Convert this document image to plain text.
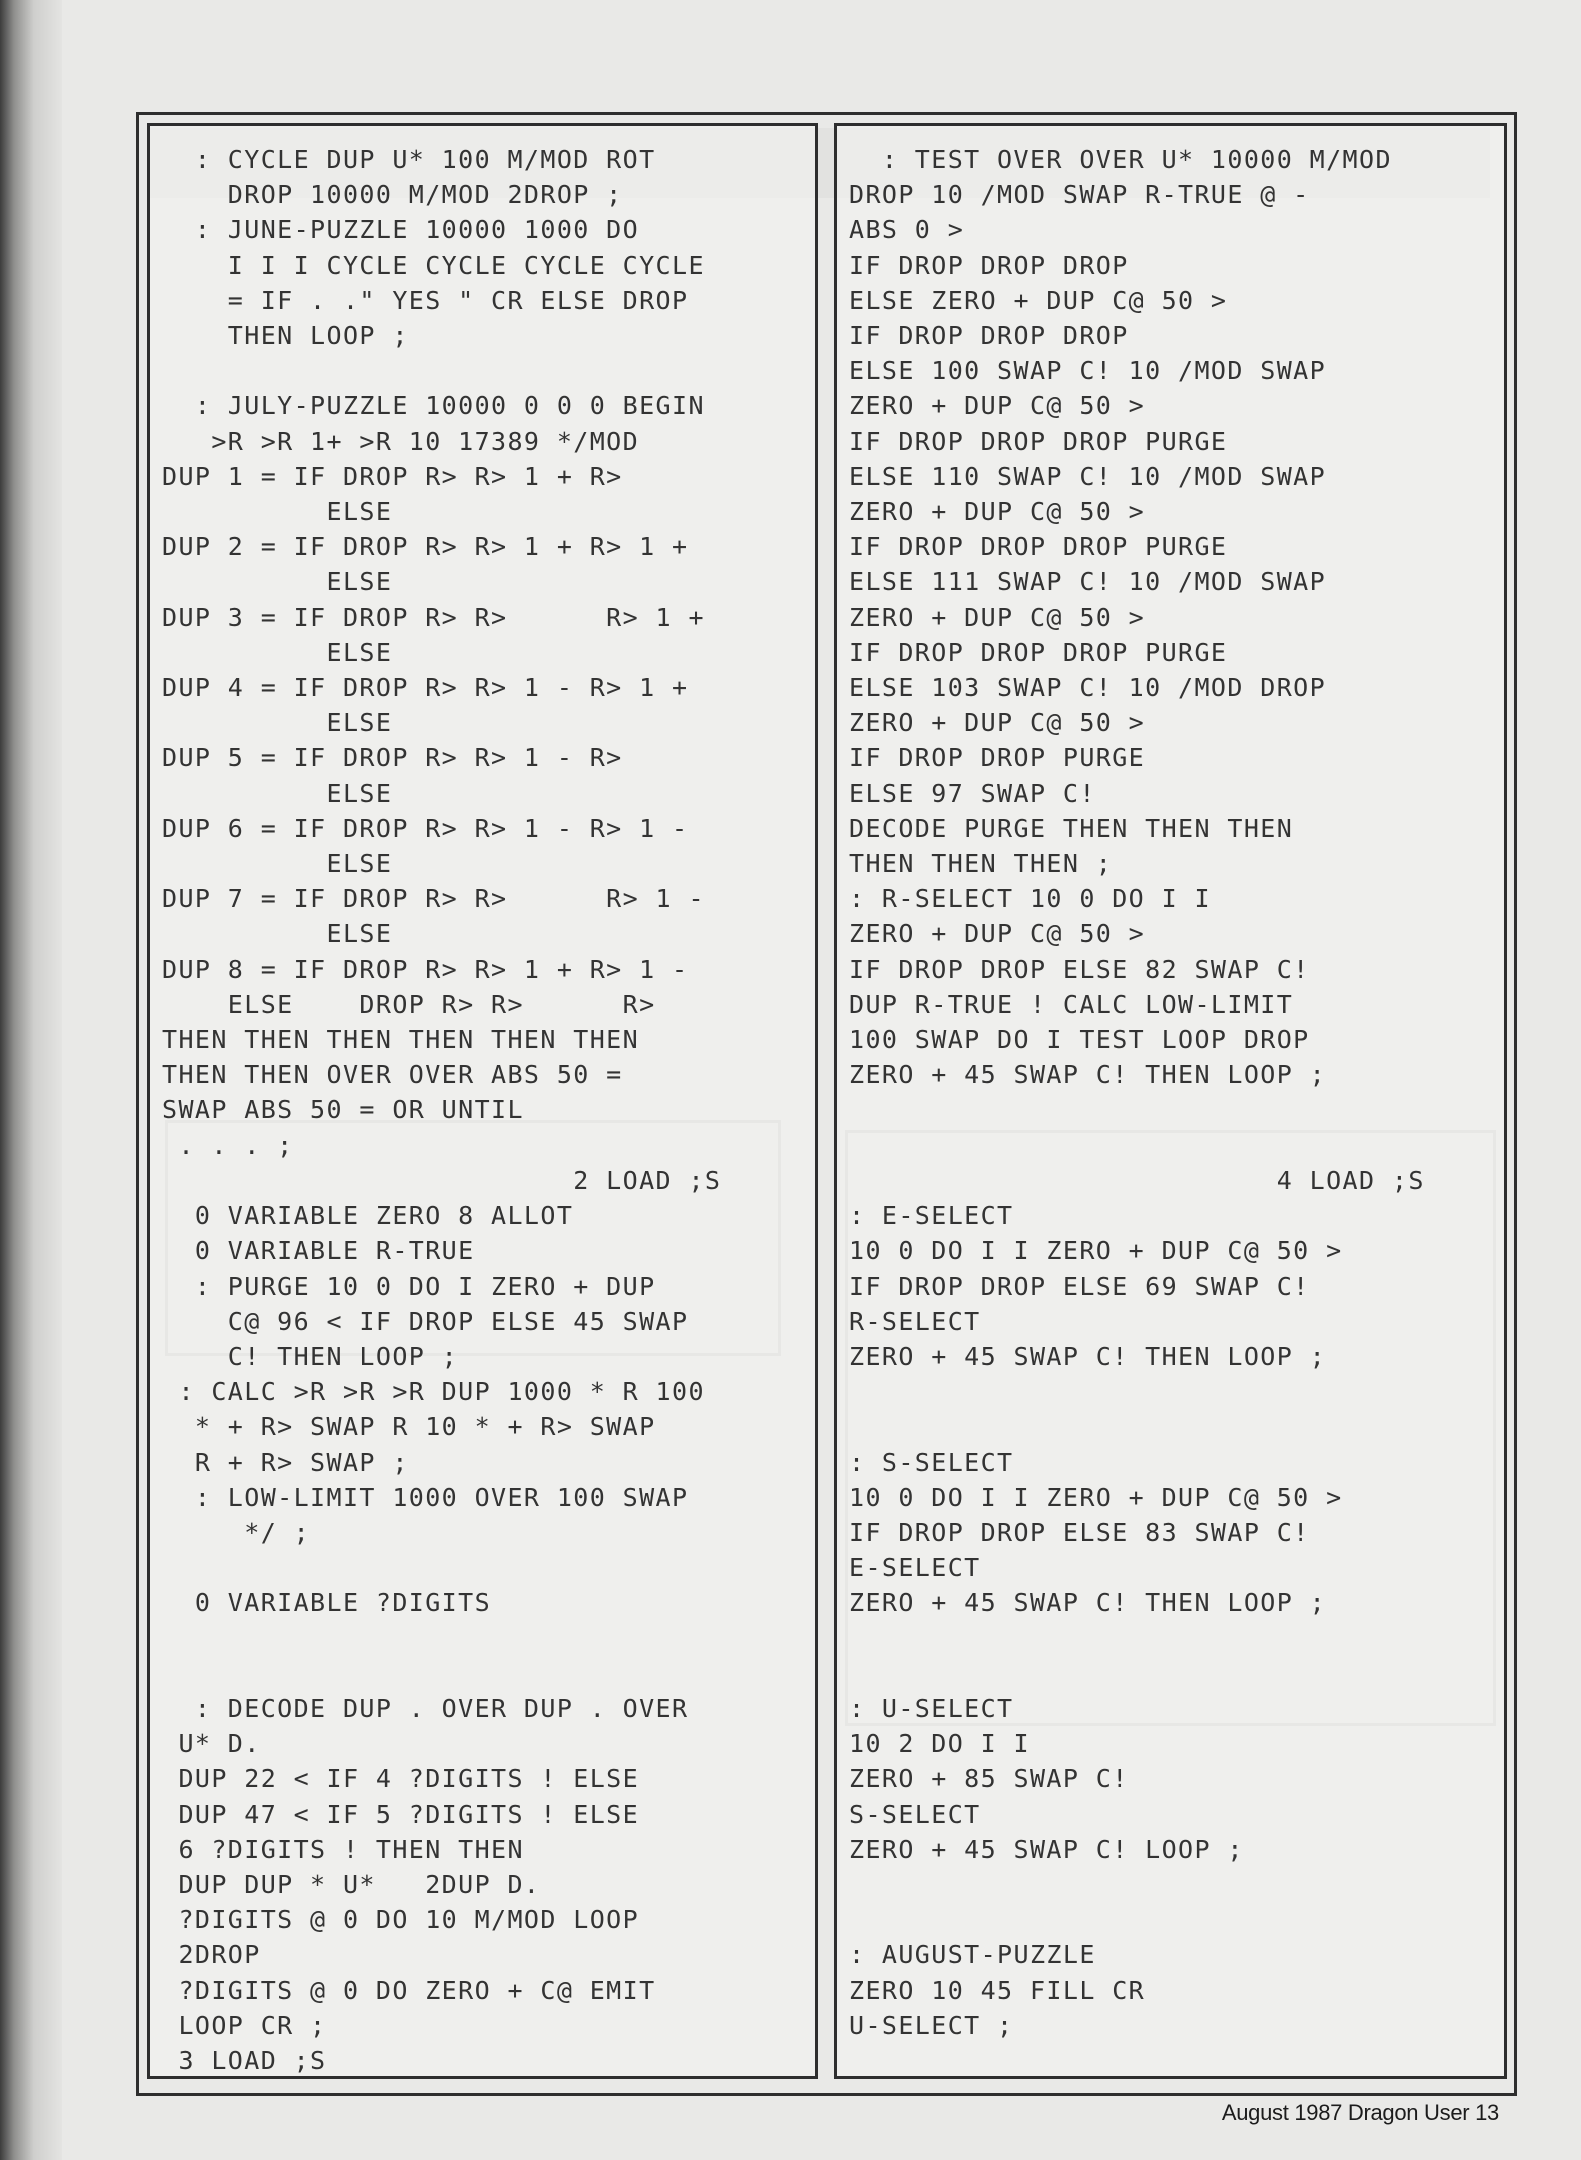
: CYCLE DUP U* 100 M/MOD ROT
DROP 10000 M/MOD 2DROP ;
: JUNE-PUZZLE 10000 1000 DO
I I I CYCLE CYCLE CYCLE CYCLE
= IF . ." YES " CR ELSE DROP
THEN LOOP ;

: JULY-PUZZLE 10000 0 0 0 BEGIN
>R >R 1+ >R 10 17389 */MOD
DUP 1 = IF DROP R> R> 1 + R>
ELSE
DUP 2 = IF DROP R> R> 1 + R> 1 +
ELSE
DUP 3 = IF DROP R> R>      R> 1 +
ELSE
DUP 4 = IF DROP R> R> 1 - R> 1 +
ELSE
DUP 5 = IF DROP R> R> 1 - R>
ELSE
DUP 6 = IF DROP R> R> 1 - R> 1 -
ELSE
DUP 7 = IF DROP R> R>      R> 1 -
ELSE
DUP 8 = IF DROP R> R> 1 + R> 1 -
ELSE    DROP R> R>      R>
THEN THEN THEN THEN THEN THEN
THEN THEN OVER OVER ABS 50 =
SWAP ABS 50 = OR UNTIL
. . . ;
2 LOAD ;S
0 VARIABLE ZERO 8 ALLOT
0 VARIABLE R-TRUE
: PURGE 10 0 DO I ZERO + DUP
C@ 96 < IF DROP ELSE 45 SWAP
C! THEN LOOP ;
: CALC >R >R >R DUP 1000 * R 100
* + R> SWAP R 10 * + R> SWAP
R + R> SWAP ;
: LOW-LIMIT 1000 OVER 100 SWAP
*/ ;

0 VARIABLE ?DIGITS

: DECODE DUP . OVER DUP . OVER
U* D.
DUP 22 < IF 4 ?DIGITS ! ELSE
DUP 47 < IF 5 ?DIGITS ! ELSE
6 ?DIGITS ! THEN THEN
DUP DUP * U*   2DUP D.
?DIGITS @ 0 DO 10 M/MOD LOOP
2DROP
?DIGITS @ 0 DO ZERO + C@ EMIT
LOOP CR ;
3 LOAD ;S
: TEST OVER OVER U* 10000 M/MOD
DROP 10 /MOD SWAP R-TRUE @ -
ABS 0 >
IF DROP DROP DROP
ELSE ZERO + DUP C@ 50 >
IF DROP DROP DROP
ELSE 100 SWAP C! 10 /MOD SWAP
ZERO + DUP C@ 50 >
IF DROP DROP DROP PURGE
ELSE 110 SWAP C! 10 /MOD SWAP
ZERO + DUP C@ 50 >
IF DROP DROP DROP PURGE
ELSE 111 SWAP C! 10 /MOD SWAP
ZERO + DUP C@ 50 >
IF DROP DROP DROP PURGE
ELSE 103 SWAP C! 10 /MOD DROP
ZERO + DUP C@ 50 >
IF DROP DROP PURGE
ELSE 97 SWAP C!
DECODE PURGE THEN THEN THEN
THEN THEN THEN ;
: R-SELECT 10 0 DO I I
ZERO + DUP C@ 50 >
IF DROP DROP ELSE 82 SWAP C!
DUP R-TRUE ! CALC LOW-LIMIT
100 SWAP DO I TEST LOOP DROP
ZERO + 45 SWAP C! THEN LOOP ;

4 LOAD ;S
: E-SELECT
10 0 DO I I ZERO + DUP C@ 50 >
IF DROP DROP ELSE 69 SWAP C!
R-SELECT
ZERO + 45 SWAP C! THEN LOOP ;

: S-SELECT
10 0 DO I I ZERO + DUP C@ 50 >
IF DROP DROP ELSE 83 SWAP C!
E-SELECT
ZERO + 45 SWAP C! THEN LOOP ;

: U-SELECT
10 2 DO I I
ZERO + 85 SWAP C!
S-SELECT
ZERO + 45 SWAP C! LOOP ;

: AUGUST-PUZZLE
ZERO 10 45 FILL CR
U-SELECT ;
August 1987 Dragon User 13
